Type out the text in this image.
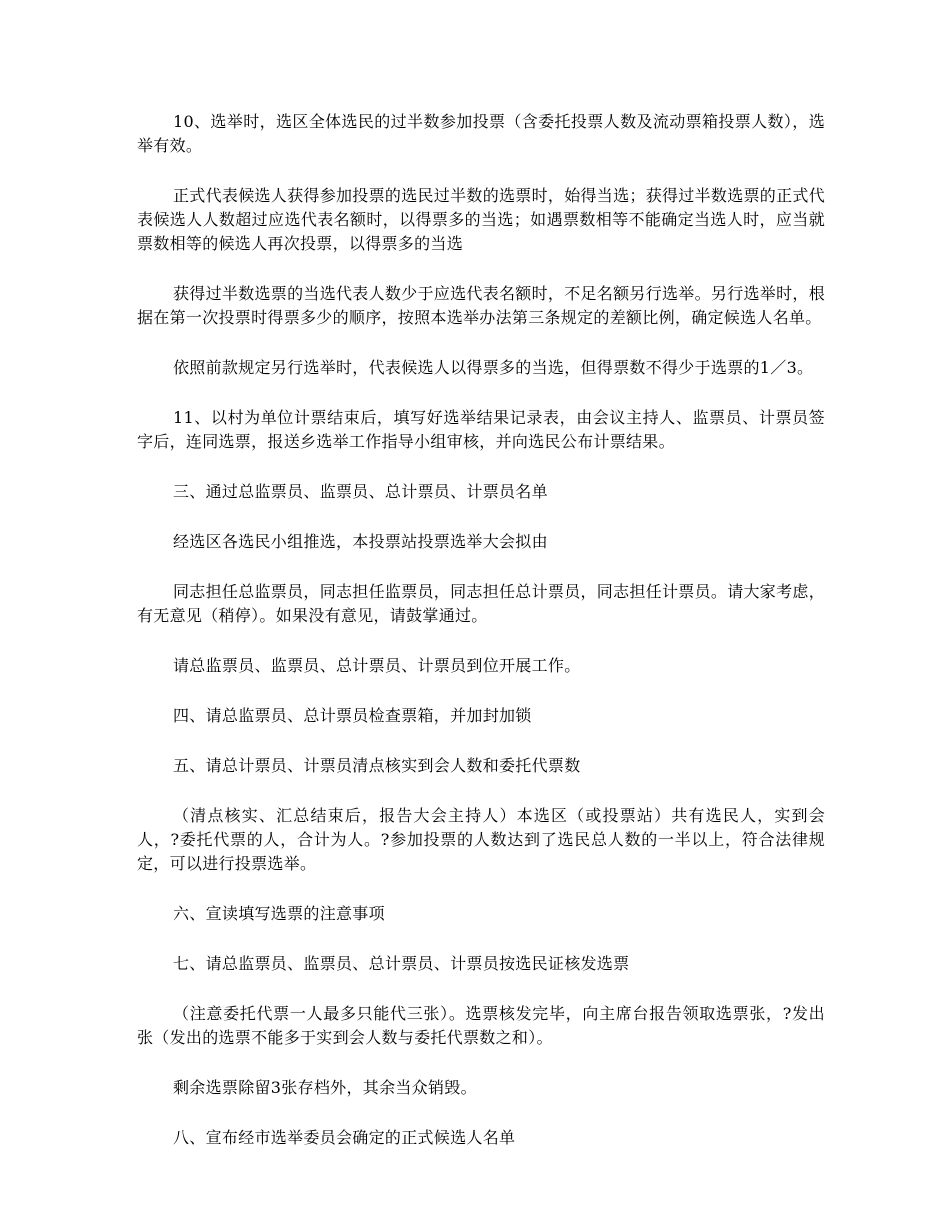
10、选举时，选区全体选民的过半数参加投票（含委托投票人数及流动票箱投票人数），选举有效。

正式代表候选人获得参加投票的选民过半数的选票时，始得当选；获得过半数选票的正式代表候选人人数超过应选代表名额时，以得票多的当选；如遇票数相等不能确定当选人时，应当就票数相等的候选人再次投票，以得票多的当选

获得过半数选票的当选代表人数少于应选代表名额时，不足名额另行选举。另行选举时，根据在第一次投票时得票多少的顺序，按照本选举办法第三条规定的差额比例，确定候选人名单。

依照前款规定另行选举时，代表候选人以得票多的当选，但得票数不得少于选票的1／3。

11、以村为单位计票结束后，填写好选举结果记录表，由会议主持人、监票员、计票员签字后，连同选票，报送乡选举工作指导小组审核，并向选民公布计票结果。

三、通过总监票员、监票员、总计票员、计票员名单

经选区各选民小组推选，本投票站投票选举大会拟由

同志担任总监票员，同志担任监票员，同志担任总计票员，同志担任计票员。请大家考虑，有无意见（稍停）。如果没有意见，请鼓掌通过。

请总监票员、监票员、总计票员、计票员到位开展工作。

四、请总监票员、总计票员检查票箱，并加封加锁

五、请总计票员、计票员清点核实到会人数和委托代票数

（清点核实、汇总结束后，报告大会主持人）本选区（或投票站）共有选民人，实到会人，?委托代票的人，合计为人。?参加投票的人数达到了选民总人数的一半以上，符合法律规定，可以进行投票选举。

六、宣读填写选票的注意事项

七、请总监票员、监票员、总计票员、计票员按选民证核发选票

（注意委托代票一人最多只能代三张）。选票核发完毕，向主席台报告领取选票张，?发出张（发出的选票不能多于实到会人数与委托代票数之和）。

剩余选票除留3张存档外，其余当众销毁。

八、宣布经市选举委员会确定的正式候选人名单
